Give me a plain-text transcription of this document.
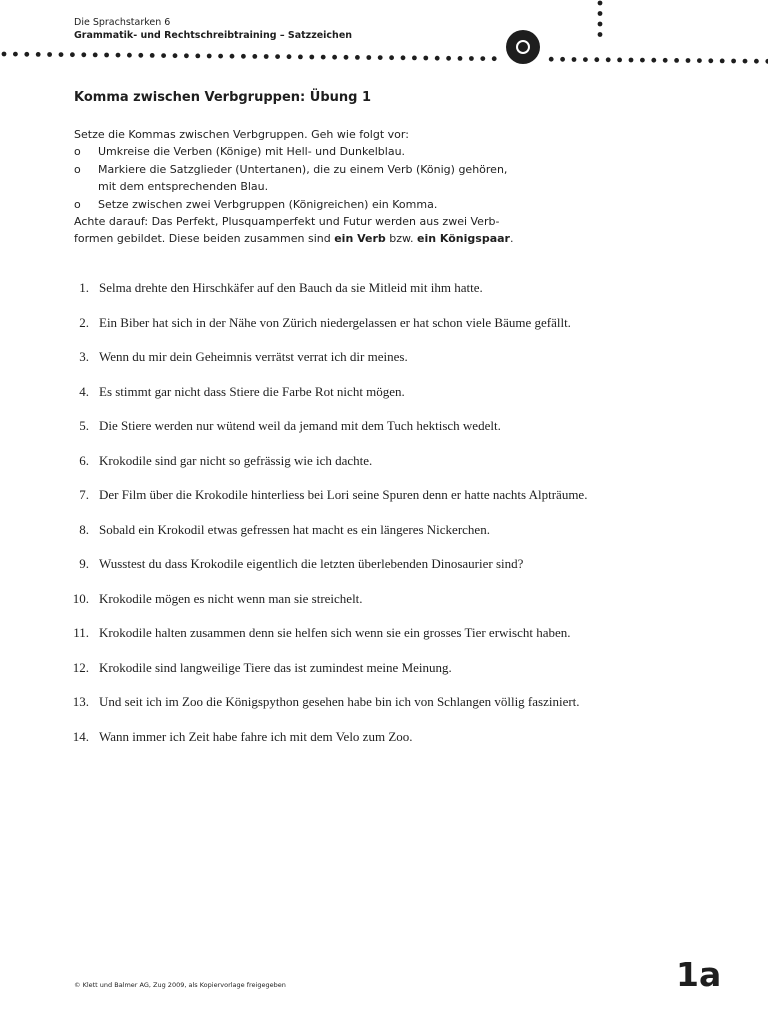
Die Sprachstarken 6
Grammatik- und Rechtschreibtraining – Satzzeichen
Komma zwischen Verbgruppen: Übung 1
Setze die Kommas zwischen Verbgruppen. Geh wie folgt vor:
o Umkreise die Verben (Könige) mit Hell- und Dunkelblau.
o Markiere die Satzglieder (Untertanen), die zu einem Verb (König) gehören,
mit dem entsprechenden Blau.
o Setze zwischen zwei Verbgruppen (Königreichen) ein Komma.
Achte darauf: Das Perfekt, Plusquamperfekt und Futur werden aus zwei Verb-
formen gebildet. Diese beiden zusammen sind ein Verb bzw. ein Königspaar.
1. Selma drehte den Hirschkäfer auf den Bauch da sie Mitleid mit ihm hatte.
2. Ein Biber hat sich in der Nähe von Zürich niedergelassen er hat schon viele Bäume gefällt.
3. Wenn du mir dein Geheimnis verrätst verrat ich dir meines.
4. Es stimmt gar nicht dass Stiere die Farbe Rot nicht mögen.
5. Die Stiere werden nur wütend weil da jemand mit dem Tuch hektisch wedelt.
6. Krokodile sind gar nicht so gefrässig wie ich dachte.
7. Der Film über die Krokodile hinterliess bei Lori seine Spuren denn er hatte nachts Alpträume.
8. Sobald ein Krokodil etwas gefressen hat macht es ein längeres Nickerchen.
9. Wusstest du dass Krokodile eigentlich die letzten überlebenden Dinosaurier sind?
10. Krokodile mögen es nicht wenn man sie streichelt.
11. Krokodile halten zusammen denn sie helfen sich wenn sie ein grosses Tier erwischt haben.
12. Krokodile sind langweilige Tiere das ist zumindest meine Meinung.
13. Und seit ich im Zoo die Königspython gesehen habe bin ich von Schlangen völlig fasziniert.
14. Wann immer ich Zeit habe fahre ich mit dem Velo zum Zoo.
© Klett und Balmer AG, Zug 2009, als Kopiervorlage freigegeben	1a
